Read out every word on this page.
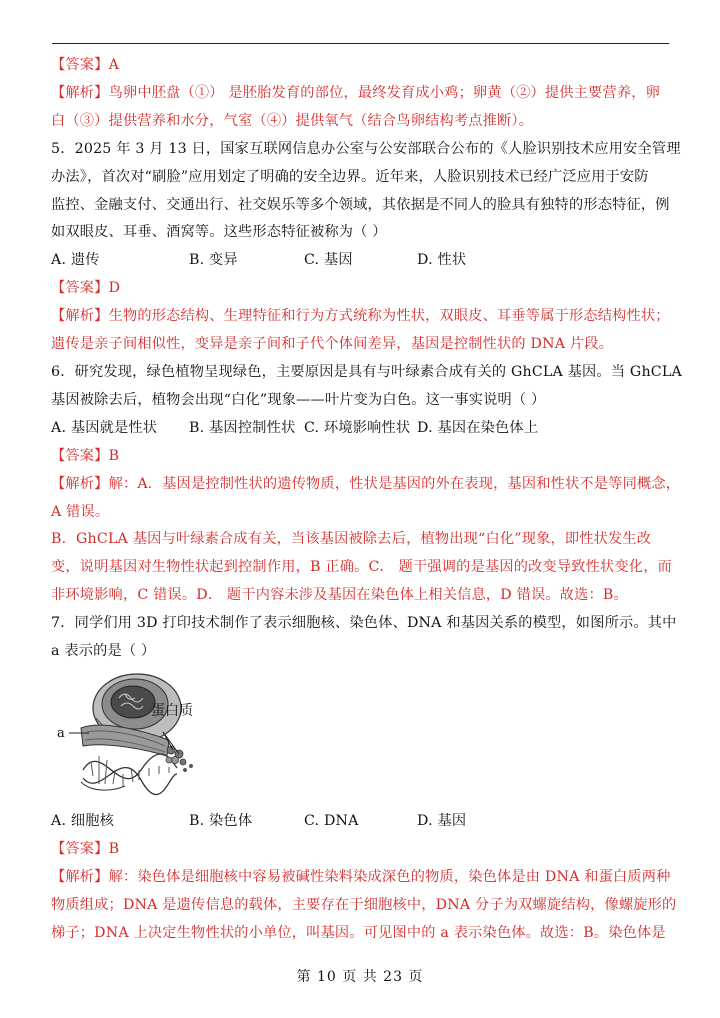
【答案】A
【解析】鸟卵中胚盘（①） 是胚胎发育的部位，最终发育成小鸡；卵黄（②）提供主要营养，卵
白（③）提供营养和水分，气室（④）提供氧气（结合鸟卵结构考点推断）。
5．2025 年 3 月 13 日，国家互联网信息办公室与公安部联合公布的《人脸识别技术应用安全管理
办法》，首次对“刷脸”应用划定了明确的安全边界。近年来，人脸识别技术已经广泛应用于安防
监控、金融支付、交通出行、社交娱乐等多个领域，其依据是不同人的脸具有独特的形态特征，例
如双眼皮、耳垂、酒窝等。这些形态特征被称为（ ）
A. 遗传	B. 变异	C. 基因	D. 性状
【答案】D
【解析】生物的形态结构、生理特征和行为方式统称为性状，双眼皮、耳垂等属于形态结构性状；
遗传是亲子间相似性，变异是亲子间和子代个体间差异，基因是控制性状的 DNA 片段。
6．研究发现，绿色植物呈现绿色，主要原因是具有与叶绿素合成有关的 GhCLA 基因。当 GhCLA
基因被除去后，植物会出现“白化”现象——叶片变为白色。这一事实说明（ ）
A. 基因就是性状	B. 基因控制性状 C. 环境影响性状 D. 基因在染色体上
【答案】B
【解析】解：A．基因是控制性状的遗传物质，性状是基因的外在表现，基因和性状不是等同概念，
A 错误。
B．GhCLA 基因与叶绿素合成有关，当该基因被除去后，植物出现“白化”现象，即性状发生改
变，说明基因对生物性状起到控制作用，B 正确。C． 题干强调的是基因的改变导致性状变化，而
非环境影响，C 错误。D． 题干内容未涉及基因在染色体上相关信息，D 错误。故选：B。
7．同学们用 3D 打印技术制作了表示细胞核、染色体、DNA 和基因关系的模型，如图所示。其中
a 表示的是（ ）
a
蛋白质
A. 细胞核	B. 染色体	C. DNA	D. 基因
【答案】B
【解析】解：染色体是细胞核中容易被碱性染料染成深色的物质，染色体是由 DNA 和蛋白质两种
物质组成；DNA 是遗传信息的载体，主要存在于细胞核中，DNA 分子为双螺旋结构，像螺旋形的
梯子；DNA 上决定生物性状的小单位，叫基因。可见图中的 a 表示染色体。故选：B。染色体是
第 10 页 共 23 页
